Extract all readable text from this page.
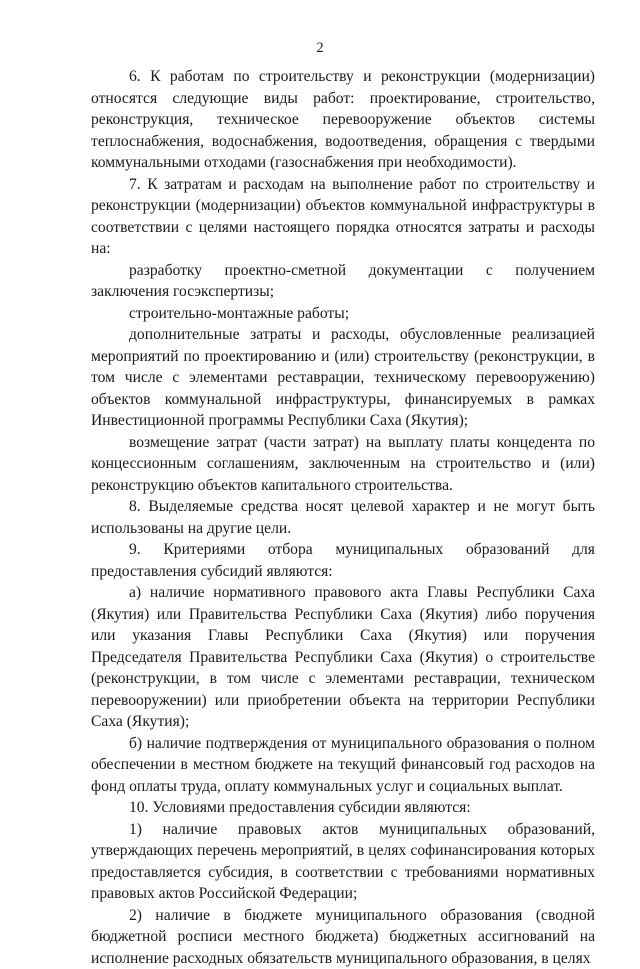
2

6. К работам по строительству и реконструкции (модернизации) относятся следующие виды работ: проектирование, строительство, реконструкция, техническое перевооружение объектов системы теплоснабжения, водоснабжения, водоотведения, обращения с твердыми коммунальными отходами (газоснабжения при необходимости).

7. К затратам и расходам на выполнение работ по строительству и реконструкции (модернизации) объектов коммунальной инфраструктуры в соответствии с целями настоящего порядка относятся затраты и расходы на:

разработку проектно-сметной документации с получением заключения госэкспертизы;

строительно-монтажные работы;

дополнительные затраты и расходы, обусловленные реализацией мероприятий по проектированию и (или) строительству (реконструкции, в том числе с элементами реставрации, техническому перевооружению) объектов коммунальной инфраструктуры, финансируемых в рамках Инвестиционной программы Республики Саха (Якутия);

возмещение затрат (части затрат) на выплату платы концедента по концессионным соглашениям, заключенным на строительство и (или) реконструкцию объектов капитального строительства.

8. Выделяемые средства носят целевой характер и не могут быть использованы на другие цели.

9. Критериями отбора муниципальных образований для предоставления субсидий являются:

а) наличие нормативного правового акта Главы Республики Саха (Якутия) или Правительства Республики Саха (Якутия) либо поручения или указания Главы Республики Саха (Якутия) или поручения Председателя Правительства Республики Саха (Якутия) о строительстве (реконструкции, в том числе с элементами реставрации, техническом перевооружении) или приобретении объекта на территории Республики Саха (Якутия);

б) наличие подтверждения от муниципального образования о полном обеспечении в местном бюджете на текущий финансовый год расходов на фонд оплаты труда, оплату коммунальных услуг и социальных выплат.

10. Условиями предоставления субсидии являются:

1) наличие правовых актов муниципальных образований, утверждающих перечень мероприятий, в целях софинансирования которых предоставляется субсидия, в соответствии с требованиями нормативных правовых актов Российской Федерации;

2) наличие в бюджете муниципального образования (сводной бюджетной росписи местного бюджета) бюджетных ассигнований на исполнение расходных обязательств муниципального образования, в целях
